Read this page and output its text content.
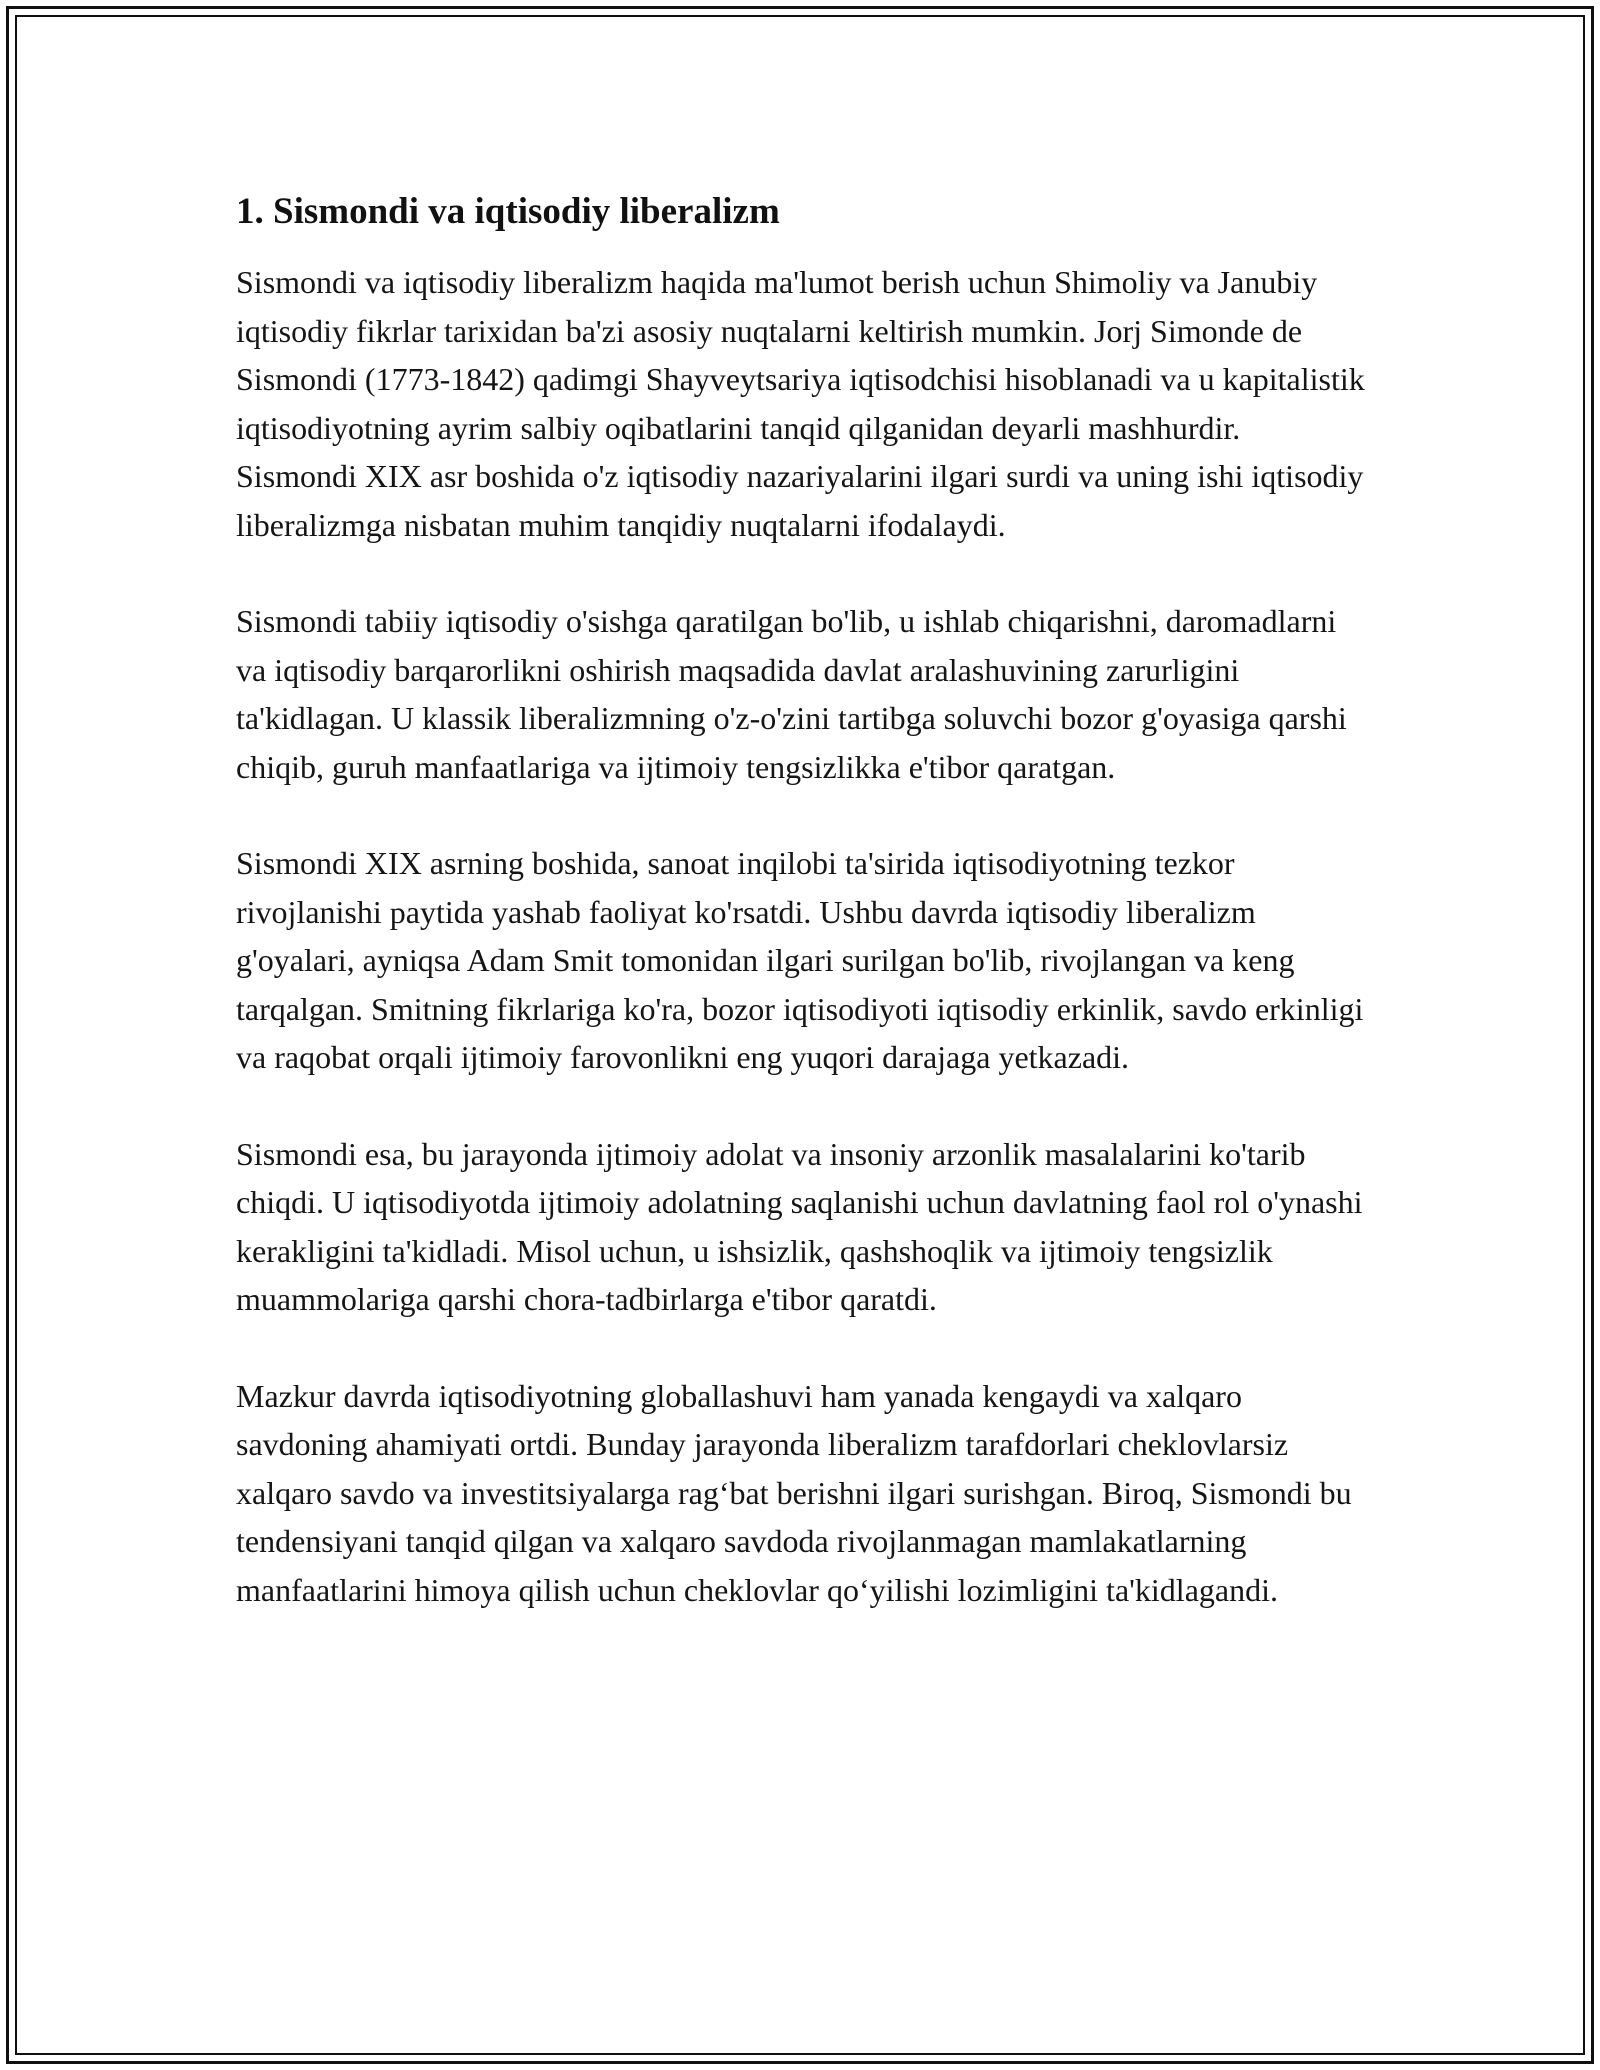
1. Sismondi va iqtisodiy liberalizm

Sismondi va iqtisodiy liberalizm haqida ma'lumot berish uchun Shimoliy va Janubiy iqtisodiy fikrlar tarixidan ba'zi asosiy nuqtalarni keltirish mumkin. Jorj Simonde de Sismondi (1773-1842) qadimgi Shayveytsariya iqtisodchisi hisoblanadi va u kapitalistik iqtisodiyotning ayrim salbiy oqibatlarini tanqid qilganidan deyarli mashhurdir. Sismondi XIX asr boshida o'z iqtisodiy nazariyalarini ilgari surdi va uning ishi iqtisodiy liberalizmga nisbatan muhim tanqidiy nuqtalarni ifodalaydi.

Sismondi tabiiy iqtisodiy o'sishga qaratilgan bo'lib, u ishlab chiqarishni, daromadlarni va iqtisodiy barqarorlikni oshirish maqsadida davlat aralashuvining zarurligini ta'kidlagan. U klassik liberalizmning o'z-o'zini tartibga soluvchi bozor g'oyasiga qarshi chiqib, guruh manfaatlariga va ijtimoiy tengsizlikka e'tibor qaratgan.

Sismondi XIX asrning boshida, sanoat inqilobi ta'sirida iqtisodiyotning tezkor rivojlanishi paytida yashab faoliyat ko'rsatdi. Ushbu davrda iqtisodiy liberalizm g'oyalari, ayniqsa Adam Smit tomonidan ilgari surilgan bo'lib, rivojlangan va keng tarqalgan. Smitning fikrlariga ko'ra, bozor iqtisodiyoti iqtisodiy erkinlik, savdo erkinligi va raqobat orqali ijtimoiy farovonlikni eng yuqori darajaga yetkazadi.

Sismondi esa, bu jarayonda ijtimoiy adolat va insoniy arzonlik masalalarini ko'tarib chiqdi. U iqtisodiyotda ijtimoiy adolatning saqlanishi uchun davlatning faol rol o'ynashi kerakligini ta'kidladi. Misol uchun, u ishsizlik, qashshoqlik va ijtimoiy tengsizlik muammolariga qarshi chora-tadbirlarga e'tibor qaratdi.

Mazkur davrda iqtisodiyotning globallashuvi ham yanada kengaydi va xalqaro savdoning ahamiyati ortdi. Bunday jarayonda liberalizm tarafdorlari cheklovlarsiz xalqaro savdo va investitsiyalarga rag‘bat berishni ilgari surishgan. Biroq, Sismondi bu tendensiyani tanqid qilgan va xalqaro savdoda rivojlanmagan mamlakatlarning manfaatlarini himoya qilish uchun cheklovlar qo‘yilishi lozimligini ta'kidlagandi.
